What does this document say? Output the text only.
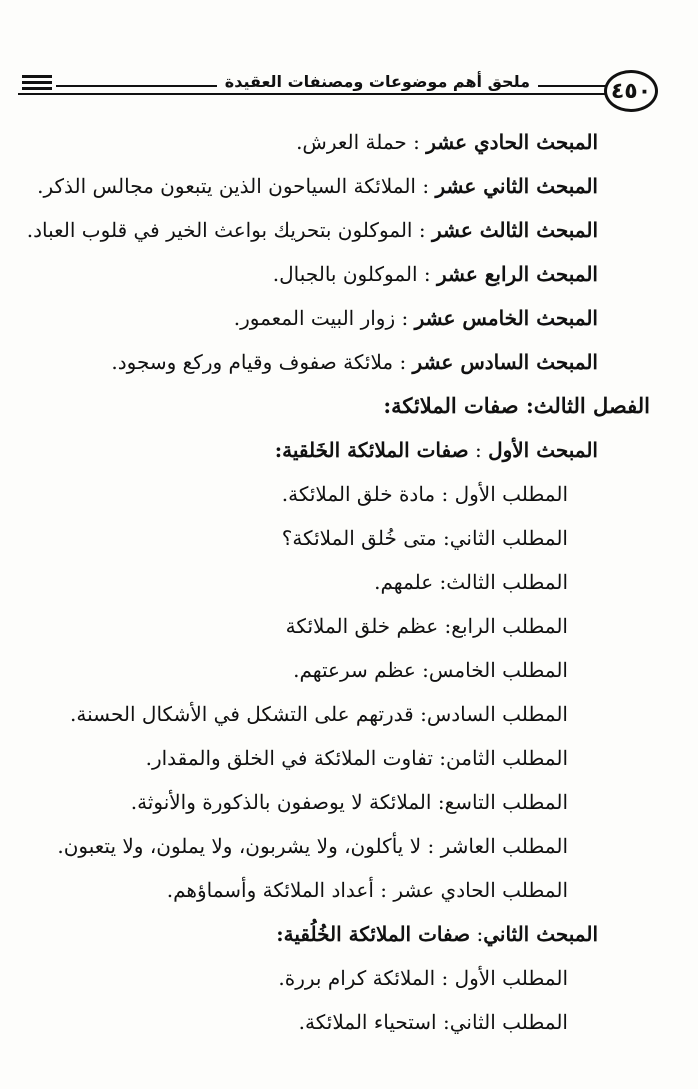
ملحق أهم موضوعات ومصنفات العقيدة	٤٥٠
المبحث الحادي عشر : حملة العرش.
المبحث الثاني عشر : الملائكة السياحون الذين يتبعون مجالس الذكر.
المبحث الثالث عشر : الموكلون بتحريك بواعث الخير في قلوب العباد.
المبحث الرابع عشر : الموكلون بالجبال.
المبحث الخامس عشر : زوار البيت المعمور.
المبحث السادس عشر : ملائكة صفوف وقيام وركع وسجود.
الفصل الثالث: صفات الملائكة:
المبحث الأول : صفات الملائكة الخَلقية:
المطلب الأول : مادة خلق الملائكة.
المطلب الثاني: متى خُلق الملائكة؟
المطلب الثالث: علمهم.
المطلب الرابع: عظم خلق الملائكة
المطلب الخامس: عظم سرعتهم.
المطلب السادس: قدرتهم على التشكل في الأشكال الحسنة.
المطلب الثامن: تفاوت الملائكة في الخلق والمقدار.
المطلب التاسع: الملائكة لا يوصفون بالذكورة والأنوثة.
المطلب العاشر : لا يأكلون، ولا يشربون، ولا يملون، ولا يتعبون.
المطلب الحادي عشر : أعداد الملائكة وأسماؤهم.
المبحث الثاني: صفات الملائكة الخُلُقية:
المطلب الأول : الملائكة كرام بررة.
المطلب الثاني: استحياء الملائكة.
